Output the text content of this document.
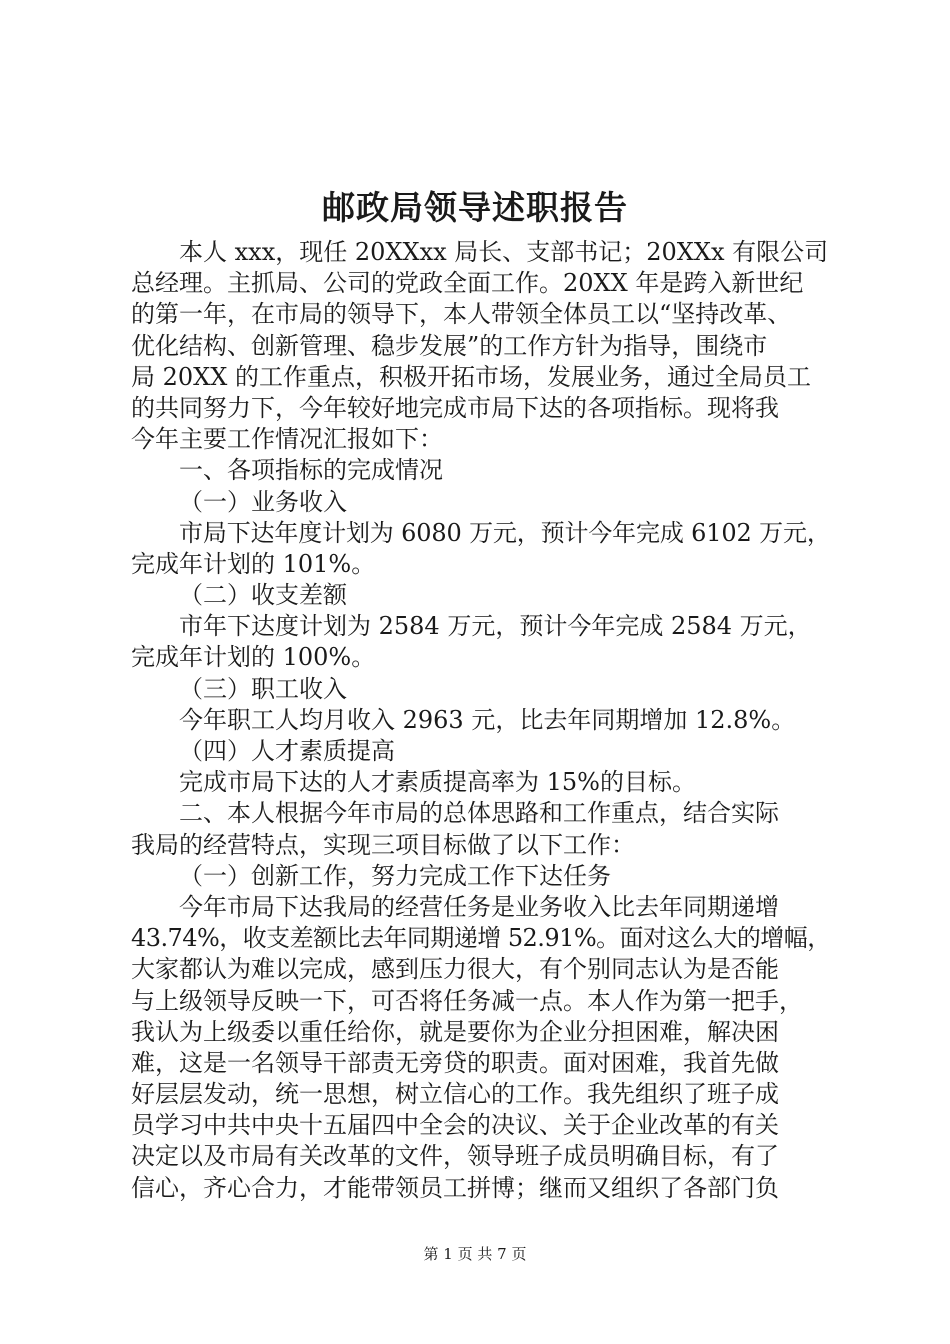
邮政局领导述职报告
本人 xxx，现任 20XXxx 局长、支部书记；20XXx 有限公司
总经理。主抓局、公司的党政全面工作。20XX 年是跨入新世纪
的第一年，在市局的领导下，本人带领全体员工以“坚持改革、
优化结构、创新管理、稳步发展”的工作方针为指导，围绕市
局 20XX 的工作重点，积极开拓市场，发展业务，通过全局员工
的共同努力下，今年较好地完成市局下达的各项指标。现将我
今年主要工作情况汇报如下：
一、各项指标的完成情况
（一）业务收入
市局下达年度计划为 6080 万元，预计今年完成 6102 万元，
完成年计划的 101%。
（二）收支差额
市年下达度计划为 2584 万元，预计今年完成 2584 万元，
完成年计划的 100%。
（三）职工收入
今年职工人均月收入 2963 元，比去年同期增加 12.8%。
（四）人才素质提高
完成市局下达的人才素质提高率为 15%的目标。
二、本人根据今年市局的总体思路和工作重点，结合实际
我局的经营特点，实现三项目标做了以下工作：
（一）创新工作，努力完成工作下达任务
今年市局下达我局的经营任务是业务收入比去年同期递增
43.74%，收支差额比去年同期递增 52.91%。面对这么大的增幅，
大家都认为难以完成，感到压力很大，有个别同志认为是否能
与上级领导反映一下，可否将任务减一点。本人作为第一把手，
我认为上级委以重任给你，就是要你为企业分担困难，解决困
难，这是一名领导干部责无旁贷的职责。面对困难，我首先做
好层层发动，统一思想，树立信心的工作。我先组织了班子成
员学习中共中央十五届四中全会的决议、关于企业改革的有关
决定以及市局有关改革的文件，领导班子成员明确目标，有了
信心，齐心合力，才能带领员工拼博；继而又组织了各部门负
第 1 页 共 7 页
